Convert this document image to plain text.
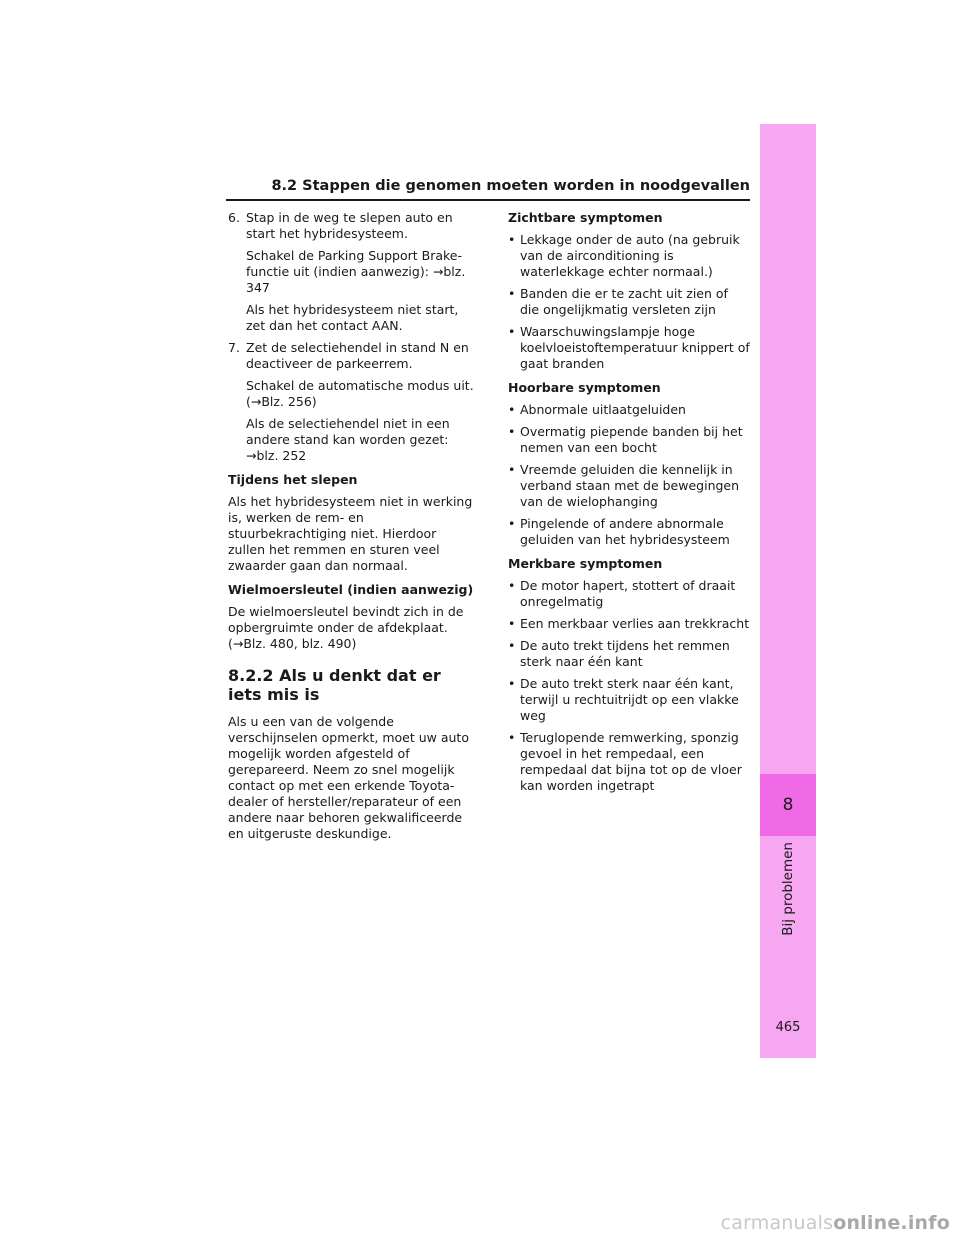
8.2 Stappen die genomen moeten worden in noodgevallen
8
Bij problemen
465
6. Stap in de weg te slepen auto en start het hybridesysteem.
Schakel de Parking Support Brake-functie uit (indien aanwezig): →blz. 347
Als het hybridesysteem niet start, zet dan het contact AAN.
7. Zet de selectiehendel in stand N en deactiveer de parkeerrem.
Schakel de automatische modus uit. (→Blz. 256)
Als de selectiehendel niet in een andere stand kan worden gezet: →blz. 252
Tijdens het slepen

Als het hybridesysteem niet in werking is, werken de rem- en stuurbekrachtiging niet. Hierdoor zullen het remmen en sturen veel zwaarder gaan dan normaal.

Wielmoersleutel (indien aanwezig)

De wielmoersleutel bevindt zich in de opbergruimte onder de afdekplaat. (→Blz. 480, blz. 490)

8.2.2 Als u denkt dat er iets mis is

Als u een van de volgende verschijnselen opmerkt, moet uw auto mogelijk worden afgesteld of gerepareerd. Neem zo snel mogelijk contact op met een erkende Toyota-dealer of hersteller/reparateur of een andere naar behoren gekwalificeerde en uitgeruste deskundige.

Zichtbare symptomen
• Lekkage onder de auto (na gebruik van de airconditioning is waterlekkage echter normaal.)
• Banden die er te zacht uit zien of die ongelijkmatig versleten zijn
• Waarschuwingslampje hoge koelvloeistoftemperatuur knippert of gaat branden
Hoorbare symptomen
• Abnormale uitlaatgeluiden
• Overmatig piepende banden bij het nemen van een bocht
• Vreemde geluiden die kennelijk in verband staan met de bewegingen van de wielophanging
• Pingelende of andere abnormale geluiden van het hybridesysteem
Merkbare symptomen
• De motor hapert, stottert of draait onregelmatig
• Een merkbaar verlies aan trekkracht
• De auto trekt tijdens het remmen sterk naar één kant
• De auto trekt sterk naar één kant, terwijl u rechtuitrijdt op een vlakke weg
• Teruglopende remwerking, sponzig gevoel in het rempedaal, een rempedaal dat bijna tot op de vloer kan worden ingetrapt
carmanualsonline.info
